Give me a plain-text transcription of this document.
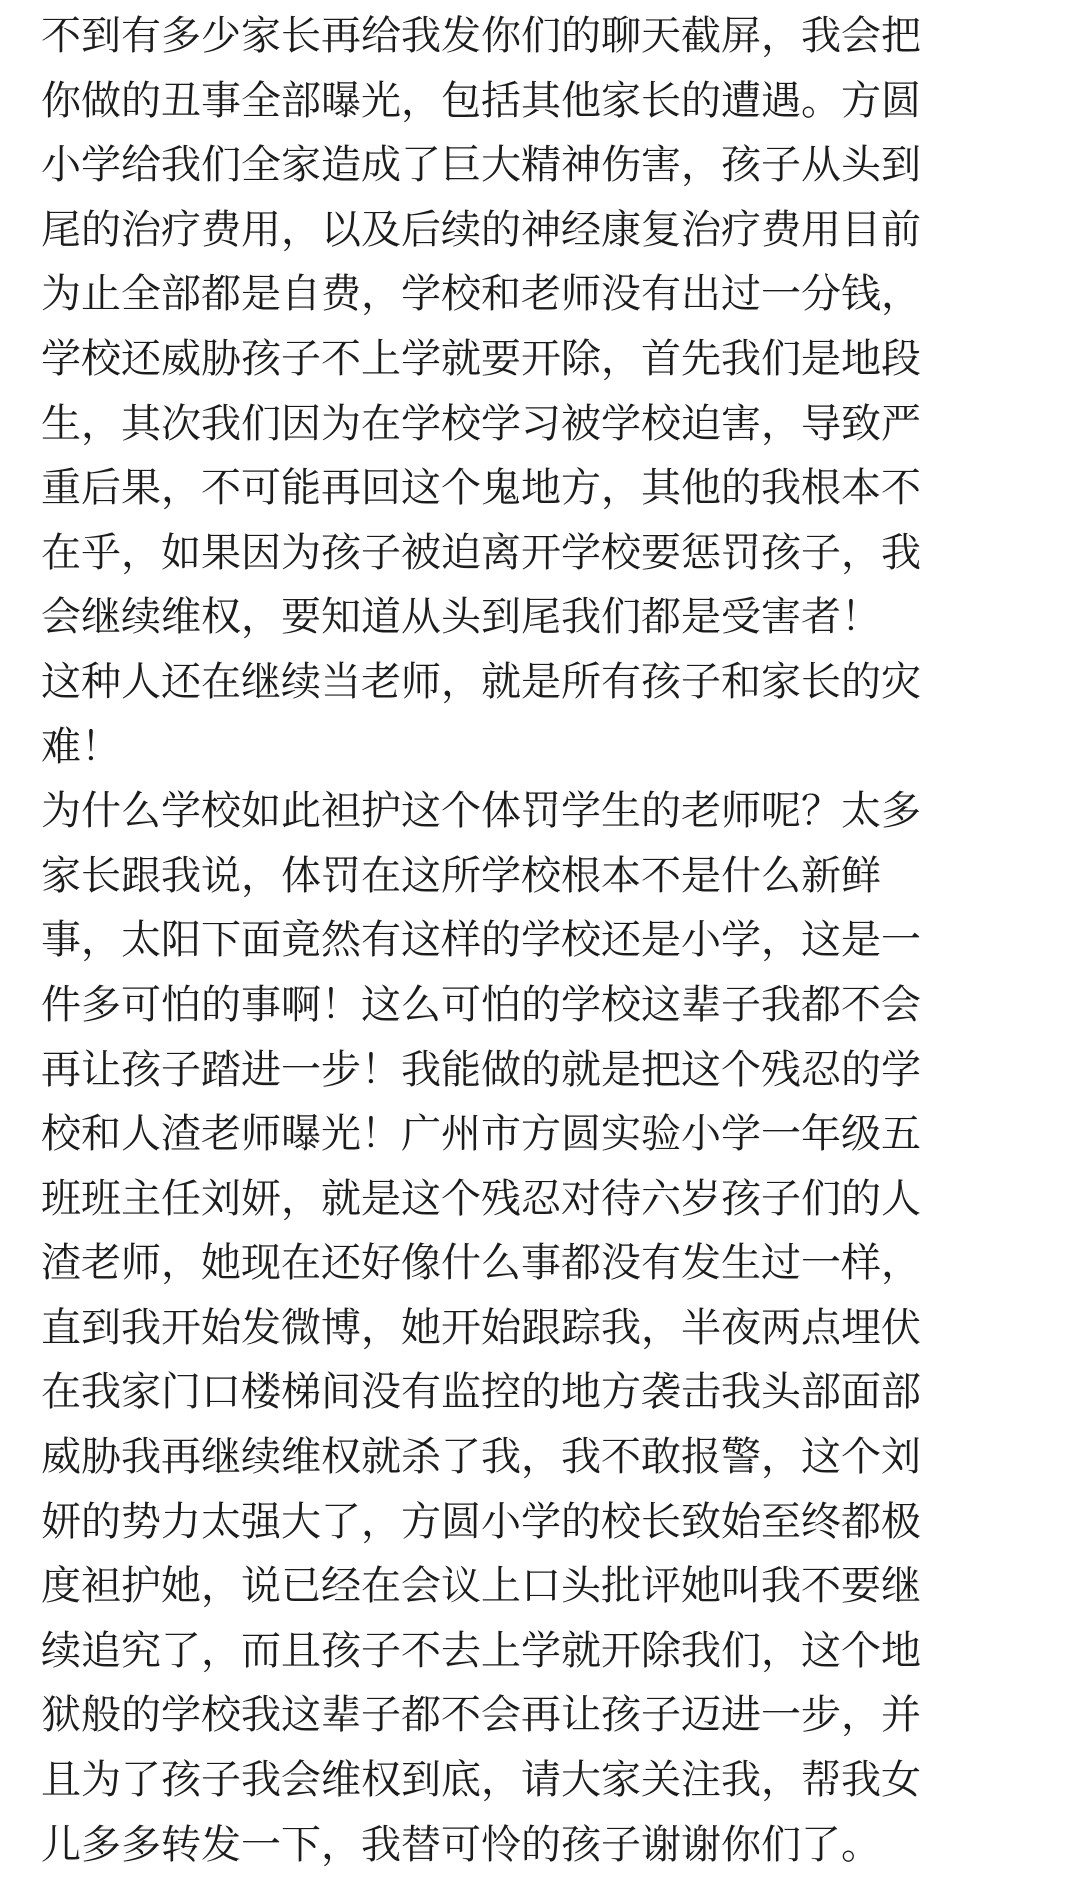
不到有多少家长再给我发你们的聊天截屏，我会把
你做的丑事全部曝光，包括其他家长的遭遇。方圆
小学给我们全家造成了巨大精神伤害，孩子从头到
尾的治疗费用，以及后续的神经康复治疗费用目前
为止全部都是自费，学校和老师没有出过一分钱，
学校还威胁孩子不上学就要开除，首先我们是地段
生，其次我们因为在学校学习被学校迫害，导致严
重后果，不可能再回这个鬼地方，其他的我根本不
在乎，如果因为孩子被迫离开学校要惩罚孩子，我
会继续维权，要知道从头到尾我们都是受害者！
这种人还在继续当老师，就是所有孩子和家长的灾
难！
为什么学校如此袒护这个体罚学生的老师呢？太多
家长跟我说，体罚在这所学校根本不是什么新鲜
事，太阳下面竟然有这样的学校还是小学，这是一
件多可怕的事啊！这么可怕的学校这辈子我都不会
再让孩子踏进一步！我能做的就是把这个残忍的学
校和人渣老师曝光！广州市方圆实验小学一年级五
班班主任刘妍，就是这个残忍对待六岁孩子们的人
渣老师，她现在还好像什么事都没有发生过一样，
直到我开始发微博，她开始跟踪我，半夜两点埋伏
在我家门口楼梯间没有监控的地方袭击我头部面部
威胁我再继续维权就杀了我，我不敢报警，这个刘
妍的势力太强大了，方圆小学的校长致始至终都极
度袒护她，说已经在会议上口头批评她叫我不要继
续追究了，而且孩子不去上学就开除我们，这个地
狱般的学校我这辈子都不会再让孩子迈进一步，并
且为了孩子我会维权到底，请大家关注我，帮我女
儿多多转发一下，我替可怜的孩子谢谢你们了。
